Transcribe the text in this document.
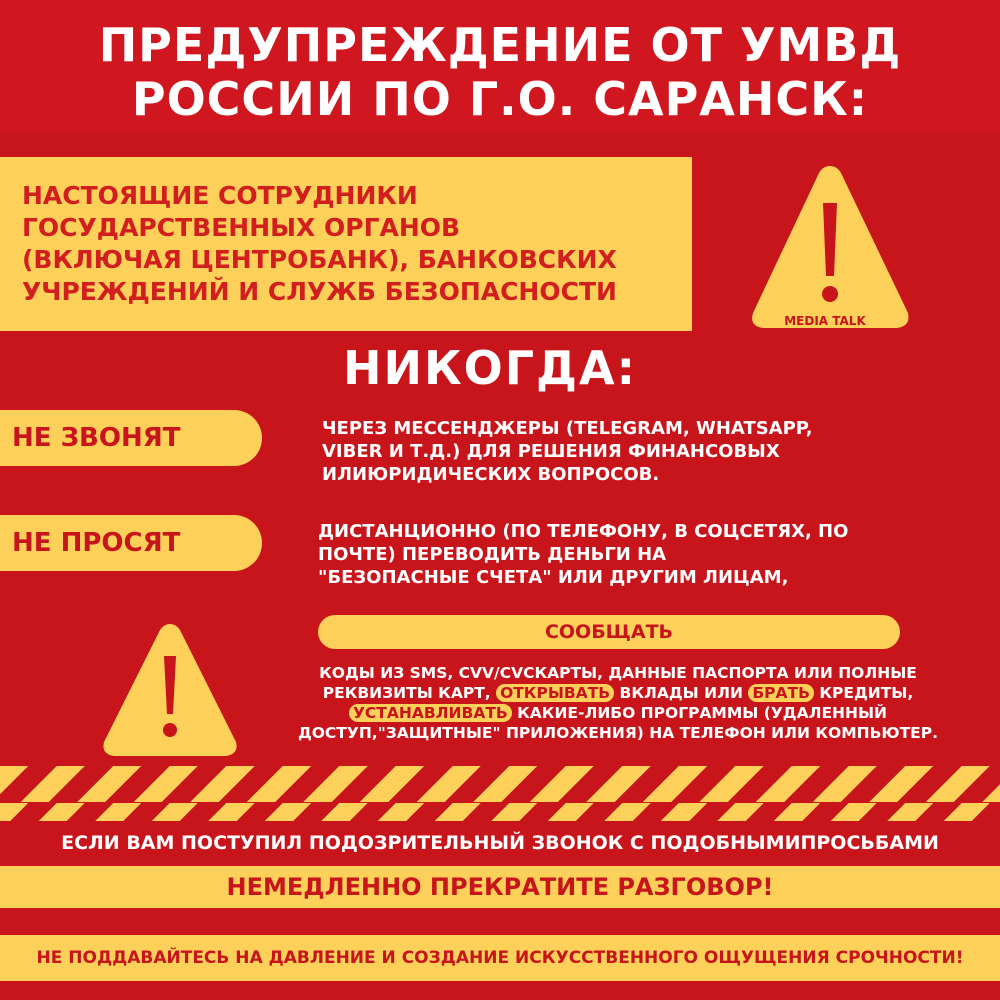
ПРЕДУПРЕЖДЕНИЕ ОТ УМВД
РОССИИ ПО Г.О. САРАНСК:
НАСТОЯЩИЕ СОТРУДНИКИ
ГОСУДАРСТВЕННЫХ ОРГАНОВ
(ВКЛЮЧАЯ ЦЕНТРОБАНК), БАНКОВСКИХ
УЧРЕЖДЕНИЙ И СЛУЖБ БЕЗОПАСНОСТИ
MEDIA TALK
НИКОГДА:
НЕ ЗВОНЯТ	ЧЕРЕЗ МЕССЕНДЖЕРЫ (TELEGRAM, WHATSAPP,
VIBER И Т.Д.) ДЛЯ РЕШЕНИЯ ФИНАНСОВЫХ
ИЛИЮРИДИЧЕСКИХ ВОПРОСОВ.
НЕ ПРОСЯТ	ДИСТАНЦИОННО (ПО ТЕЛЕФОНУ, В СОЦСЕТЯХ, ПО
ПОЧТЕ) ПЕРЕВОДИТЬ ДЕНЬГИ НА
"БЕЗОПАСНЫЕ СЧЕТА" ИЛИ ДРУГИМ ЛИЦАМ,
СООБЩАТЬ
КОДЫ ИЗ SMS, CVV/CVCКАРТЫ, ДАННЫЕ ПАСПОРТА ИЛИ ПОЛНЫЕ
РЕКВИЗИТЫ КАРТ, ОТКРЫВАТЬ ВКЛАДЫ ИЛИ БРАТЬ КРЕДИТЫ,
УСТАНАВЛИВАТЬ КАКИЕ-ЛИБО ПРОГРАММЫ (УДАЛЕННЫЙ
ДОСТУП,"ЗАЩИТНЫЕ" ПРИЛОЖЕНИЯ) НА ТЕЛЕФОН ИЛИ КОМПЬЮТЕР.
ЕСЛИ ВАМ ПОСТУПИЛ ПОДОЗРИТЕЛЬНЫЙ ЗВОНОК С ПОДОБНЫМИПРОСЬБАМИ
НЕМЕДЛЕННО ПРЕКРАТИТЕ РАЗГОВОР!
НЕ ПОДДАВАЙТЕСЬ НА ДАВЛЕНИЕ И СОЗДАНИЕ ИСКУССТВЕННОГО ОЩУЩЕНИЯ СРОЧНОСТИ!
